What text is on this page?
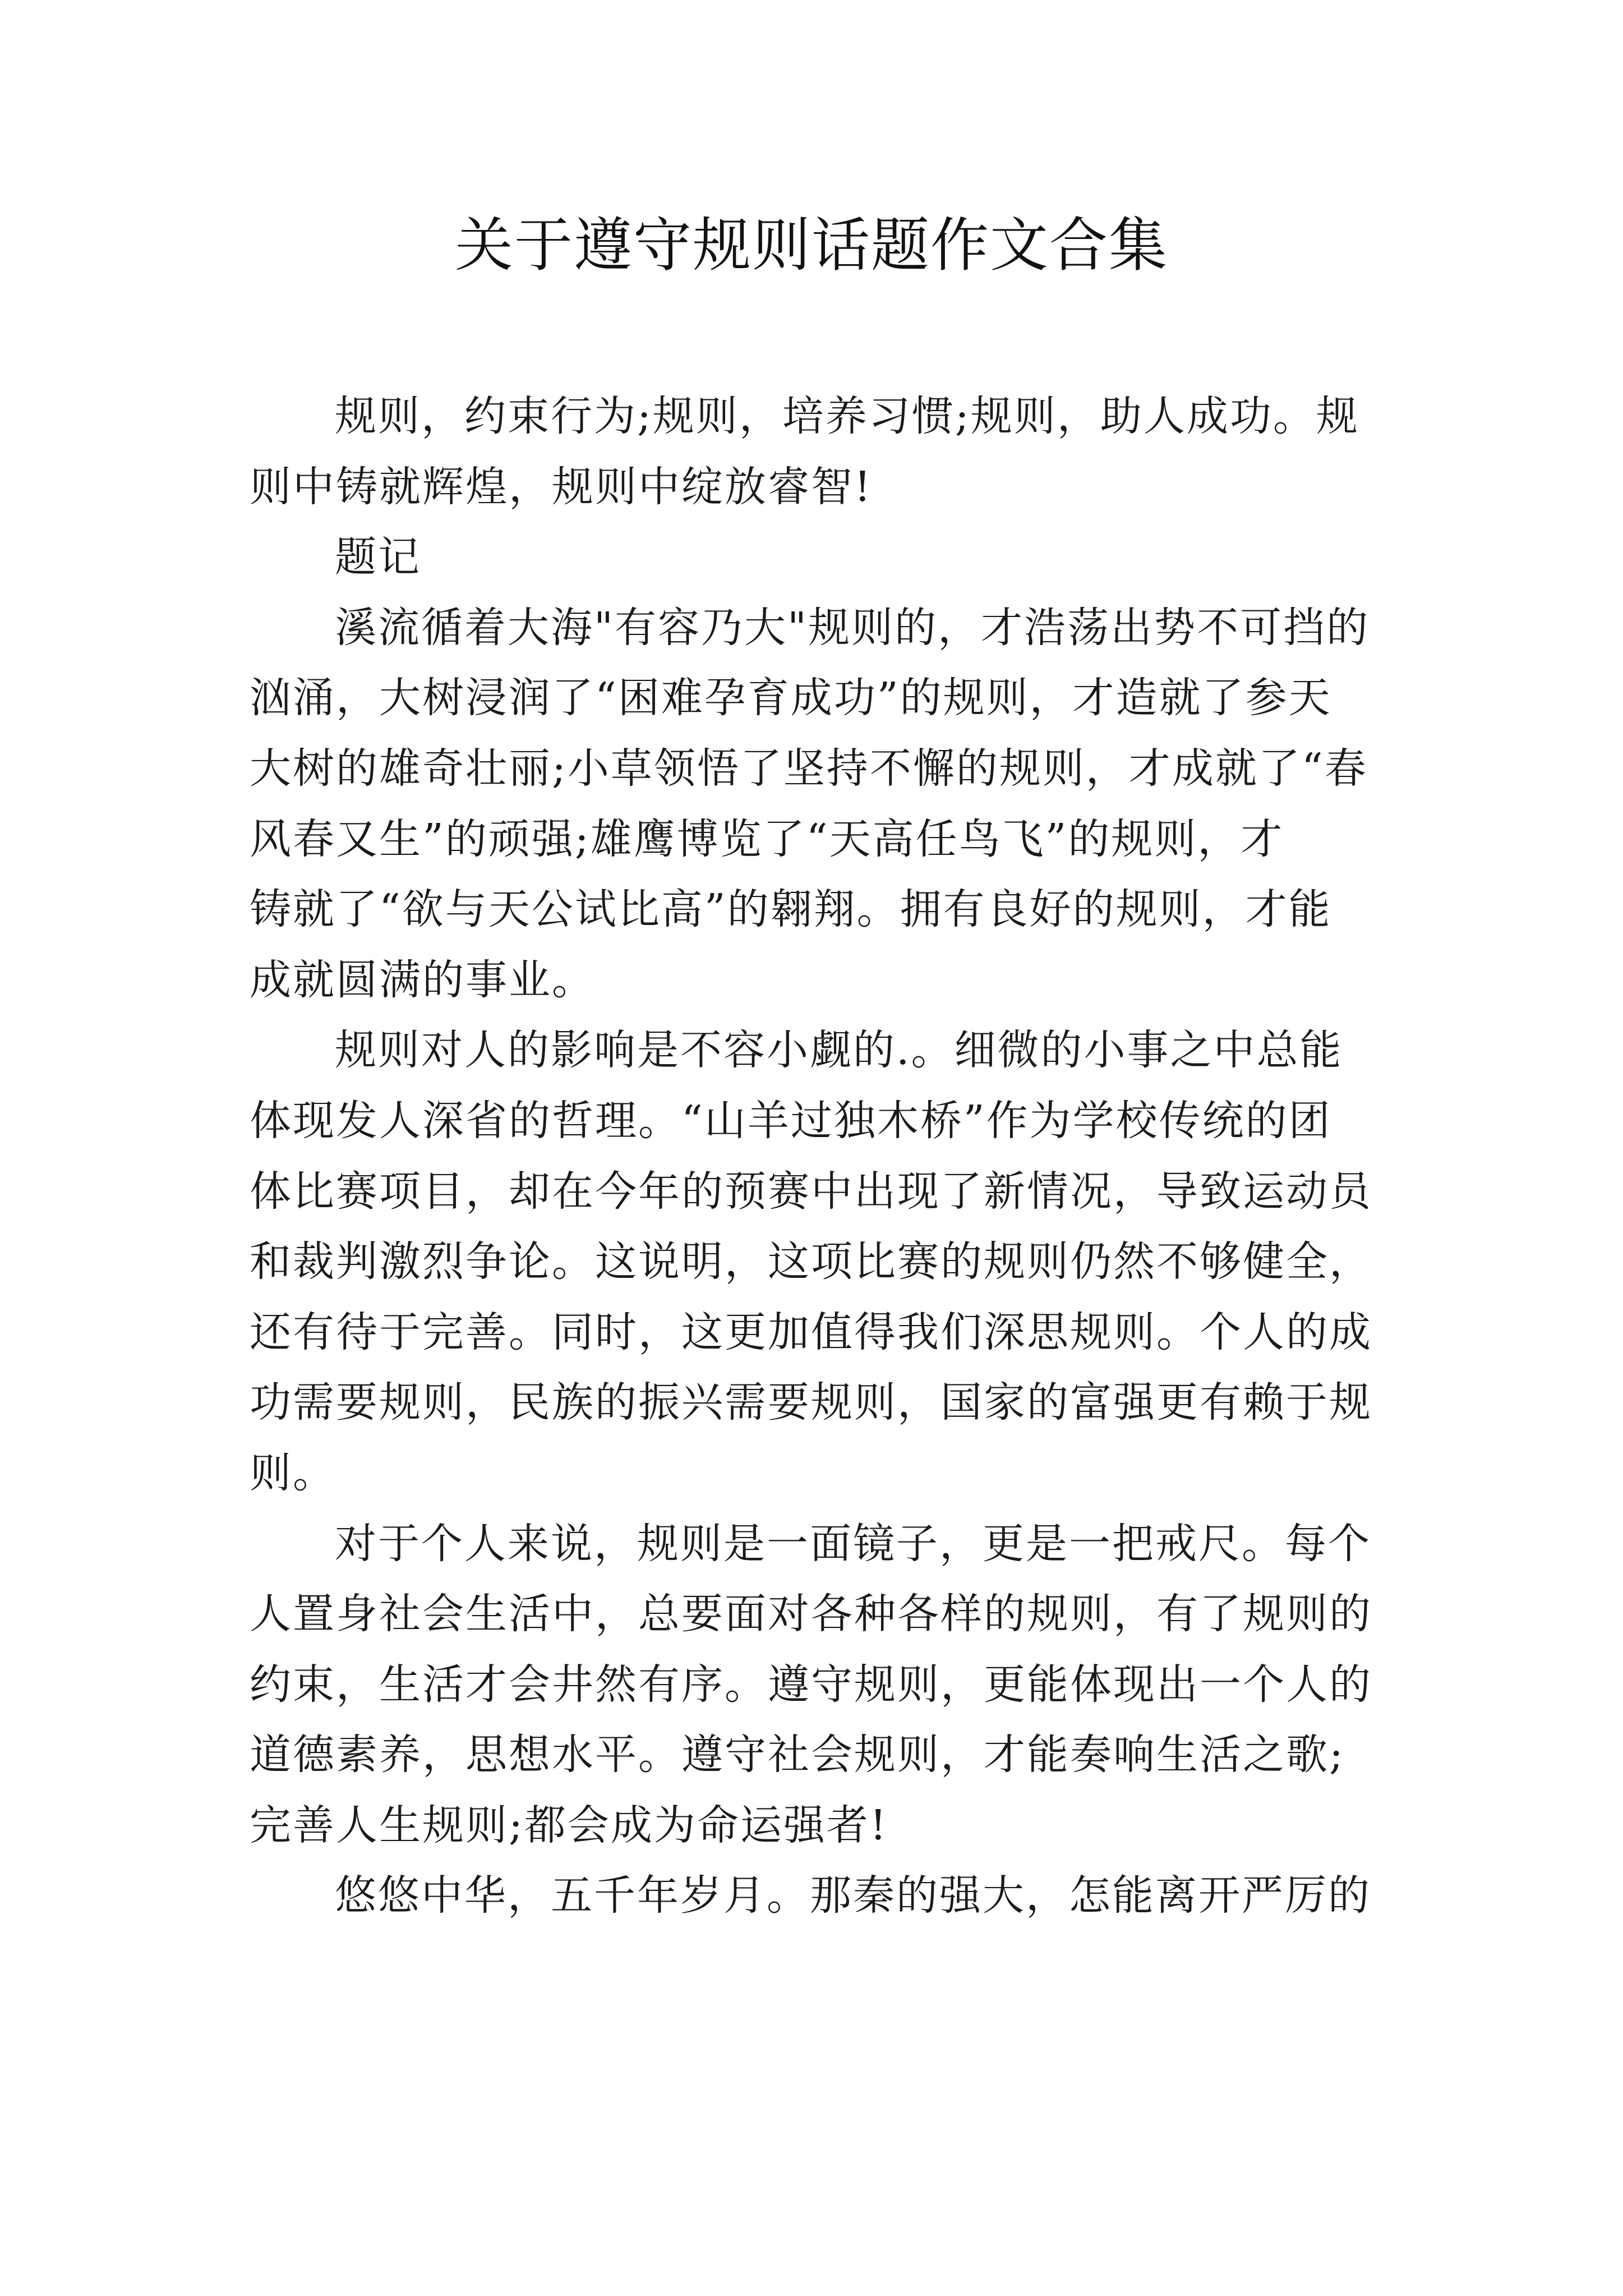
关于遵守规则话题作文合集
规则，约束行为;规则，培养习惯;规则，助人成功。规
则中铸就辉煌，规则中绽放睿智!
题记
溪流循着大海"有容乃大"规则的，才浩荡出势不可挡的
汹涌，大树浸润了“困难孕育成功”的规则，才造就了参天
大树的雄奇壮丽;小草领悟了坚持不懈的规则，才成就了“春
风春又生”的顽强;雄鹰博览了“天高任鸟飞”的规则，才
铸就了“欲与天公试比高”的翱翔。拥有良好的规则，才能
成就圆满的事业。
规则对人的影响是不容小觑的.。细微的小事之中总能
体现发人深省的哲理。“山羊过独木桥”作为学校传统的团
体比赛项目，却在今年的预赛中出现了新情况，导致运动员
和裁判激烈争论。这说明，这项比赛的规则仍然不够健全，
还有待于完善。同时，这更加值得我们深思规则。个人的成
功需要规则，民族的振兴需要规则，国家的富强更有赖于规
则。
对于个人来说，规则是一面镜子，更是一把戒尺。每个
人置身社会生活中，总要面对各种各样的规则，有了规则的
约束，生活才会井然有序。遵守规则，更能体现出一个人的
道德素养，思想水平。遵守社会规则，才能奏响生活之歌;
完善人生规则;都会成为命运强者!
悠悠中华，五千年岁月。那秦的强大，怎能离开严厉的
